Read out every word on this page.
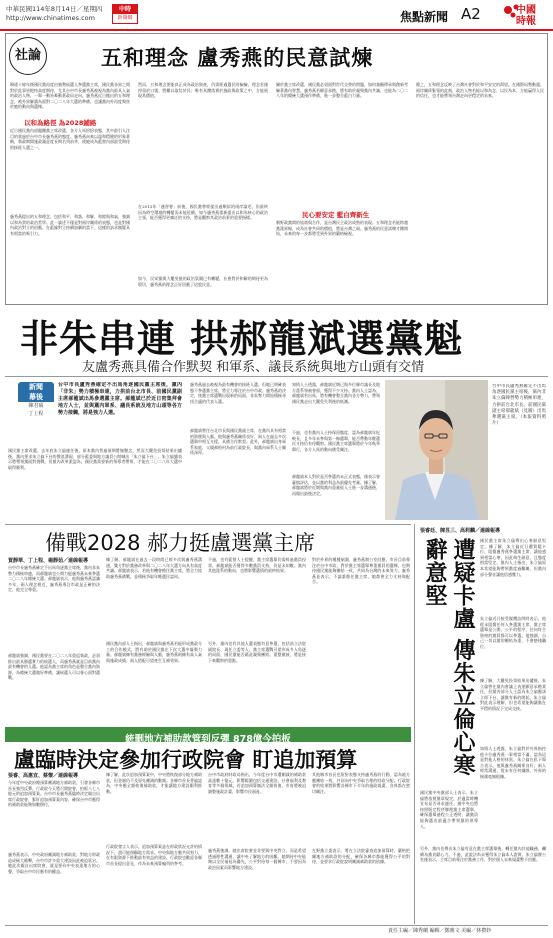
中華民國114年8月14日／星期四
http://www.chinatimes.com
中時
新聞網	焦點新聞 A2	中國時報
社論	五和理念 盧秀燕的民意試煉
睽違十餘年後國民黨再度由強勢候選人參選黨主席，國民黨各界之間對於此事皆抱持高度期待，尤其台中市長盧秀燕被視為黨內最具人氣的政治人物，一舉一動皆牽動著政局走向。盧秀燕近日拋出的五和理念，被外界解讀為面對二〇二八年大選的準備，也讓黨內外再度聚焦於她的動向與選擇。
以和為路徑 為2028鋪路
近日國民黨內部醞釀黨主席改選，各方人馬紛紛表態，其中最引人注目的莫過於台中市長盧秀燕的態度。盧秀燕向來以溫和穩健的形象著稱，執政期間施政滿意度長期名列前茅，使她成為藍營內部最受期待的接班人選之一。
盧秀燕提出的五和理念，包括和平、和諧、和解、和睦與和氣，強調以和為貴的政治哲學。此一論述不僅是對兩岸關係的表態，也是對國內政治對立的回應。在藍綠對立持續加劇的當下，這樣的訴求無疑具有相當的吸引力。
然而，五和理念要能真正成為政治資產，仍需經過選民的檢驗。理念若僅停留於口號，將難以取信於民；唯有具體落實於施政與政策之中，方能展現其價值。
在2013年「連習會」前後，國民黨曾經提出過類似的兩岸論述，但最終因為時空環境的轉變而未能延續。如今盧秀燕重新提出以和為核心的政治主張，能否獲得更廣泛的支持，將是觀察其政治前景的重要指標。
如今，民眾黨與大罷免後的政治氛圍已有轉變，社會對於和解的期待更為殷切，盧秀燕的理念正好回應了這股民意。
關於黨主席改選，國民黨必須面對世代交替的問題，如何兼顧傳承與創新考驗著黨內智慧。盧秀燕若願意承擔，將有助於凝聚黨內共識，也能為二〇二八年的總統大選預作準備，進一步整合藍白力量。
民心要安定 藍白齊新生
朝野政黨間的協商與合作，是台灣民主政治成熟的表現。五和理念若能跨越黨派界線，成為社會共同的價值，將是台灣之福。盧秀燕的民意試煉才剛開始，未來的每一步都將受到外界的嚴格檢視。
總之，五和理念反映了台灣社會對於和平安定的渴望。在國際局勢動盪、兩岸關係緊張的此刻，政治人物若能以和為念、以民為本，方能贏得人民的信任，也才能帶領台灣走向更穩定的未來。
非朱串連 拱郝龍斌選黨魁
友盧秀燕具備合作默契 和軍系、議長系統與地方山頭有交情
新聞
幕後
陳君碩
丁上程
台中市長盧秀燕確定不出馬角逐國民黨主席後，黨內「非朱」勢力積極串連，力拱前台北市長、前國民黨副主席郝龍斌出馬參選黨主席。郝龍斌已於近日密集拜會地方人士，並與黨內軍系、議長系統及地方山頭等各方勢力接觸，將是強力人選。
國民黨主席改選，去年底朱立倫連任後，原本黨內普遍預期將無懸念，然而大罷免投票結果出爐後，黨內要求朱立倫下台的聲浪湧現，部分藍委與地方議員公開喊出「朱立倫下台」。朱立倫雖表示將帶領黨面對挑戰，但黨內改革派認為，國民黨需要新的領導者帶領，才能在二〇二八年大選中取得勝利。
盧秀燕過去被視為最有機會的接班人選，但她已明確表態不參選黨主席，將全力專注於台中市政。盧秀燕的決定，使黨主席選戰出現新的局面，非朱勢力開始積極尋找合適的代表人選。
郝龍斌曾任台北市長與國民黨副主席，在黨內具有相當的資歷與人脈。他與盧秀燕關係良好，兩人在過去多次選舉中相互支援，具備合作默契。此外，郝龍斌出身軍系家庭，父親郝柏村為前行政院長，與黨內軍系人士關係深厚。
知情人士透露，郝龍斌近期已與多位縣市議長及地方派系領袖會面，獲得不少支持。黨內人士認為，郝龍斌若出馬，將有機會整合黨內各方勢力，帶領國民黨走出大罷免失利後的低潮。
不過，也有黨內人士持保留態度，認為郝龍斌年紀較長，且多年未參與第一線選舉，能否帶動年輕選民支持仍有待觀察。國民黨主席選舉將於今年秋季舉行，各方人馬的動向備受關注。
郝龍斌本人對於是否參選尚未正式表態，僅表示會審慎評估，並以黨的利益為最優先考量。據了解，郝龍斌將於近期與黨內重量級人士進一步溝通後，再做出最後決定。
台中市長盧秀燕確定不出馬角逐國民黨主席後，黨內非朱立倫陣營勢力積極串連，力拱前台北市長、前國民黨副主席郝龍斌（見圖）出馬參選黨主席。（本報資料照片）
備戰2028 郝力挺盧選黨主席
賀靜華、丁上程、楊靜茹／連線報導
台中市長盧秀燕確定不出馬角逐黨主席後，黨內非朱勢力積極串連，而郝龍斌也公開力挺盧秀燕未來參選二〇二八年總統大選。郝龍斌表示，他與盧秀燕認識多年，兩人理念相近，盧秀燕專注市政是正確的決定，他完全尊重。
郝龍斌強調，國民黨要在二〇二八年重返執政，必須推出最具勝選實力的候選人，而盧秀燕就是目前黨內最有機會的人選。他認為黨主席的角色是整合黨內資源，為總統大選做好準備，讓候選人可以專心面對選戰。
據了解，郝龍斌在過去一段時間已經多次與盧秀燕溝通，雙方對於黨務改革與二〇二八年大選方向具有高度共識。郝龍斌表示，若他有機會擔任黨主席，將全力協助盧秀燕備戰，並積極爭取年輕選民認同。
國民黨內部人士指出，郝龍斌與盧秀燕若能形成黨政分工的合作模式，將有助於國民黨在下次大選中凝聚力量。郝龍斌擁有黨務經驗與人脈，盧秀燕則擁有高人氣與施政成績，兩人搭配可望產生互補效果。
不過，也有藍營人士提醒，黨主席選舉仍需經過黨員投票，郝龍斌能否獲得多數黨員支持，仍是未知數。黨內其他派系的動向，也將影響選情的最終結果。
對於外界的種種揣測，盧秀燕辦公室回應，市長目前專注於台中市政，對於黨主席選舉尊重黨員的選擇，也期待國民黨能夠團結一致，共同為台灣的未來努力。盧秀燕並表示，不論誰擔任黨主席，她都會全力支持與配合。
另外，黨內也有其他人選表態有意參選，包括前立法院副院長、現任立委等人。黨主席選戰可望形成多人角逐的局面，國民黨能否藉此凝聚團結、重整旗鼓，將是接下來觀察的重點。
張睿廷、陳昱三、高莉麟／連線報導
遭疑卡盧 傳朱立倫心寒辭意堅	國民黨主席朱立倫傳出心寒辭意堅定。據了解，朱立倫近日遭質疑卡位、阻擋盧秀燕參選黨主席，讓他感到相當心寒，因此萌生辭意，且態度相當堅定。黨內人士指出，朱立倫原本希望能夠帶領黨度過難關，但黨內部分聲音讓他倍感壓力。
朱立倫近日接受媒體訪問時表示，他從未阻擋任何人參選黨主席，黨主席選舉是公開、公平的程序，任何符合資格的黨員都可以參選。他強調，自己一切以黨的團結為重，不會戀棧職位。
據了解，大罷免投票結果出爐後，朱立倫曾在黨內會議上表達願意承擔責任，但黨內部分人士認為朱立倫應該立即下台，讓黨有新的開始。朱立倫對此表示理解，但也希望能夠讓黨在平穩的情況下完成交接。
知情人士透露，朱立倫對於外界指控他卡位盧秀燕一事相當不滿，認為這是對他人格的抹黑。朱立倫在私下場合表示，他與盧秀燕關係良好，兩人經常溝通，從未有任何嫌隙，外界的揣測毫無根據。
國民黨中央黨部人士表示，朱立倫將依照黨章規定，於適當時機宣布是否尋求連任。黨中央也將按照既定程序辦理黨主席選舉，確保選舉過程公正透明，讓黨員能夠選出最適合帶領黨的領導人。
另外，黨內也傳出朱立倫有意在黨主席選舉後，轉任黨內其他職務，繼續為黨貢獻心力。不過，此說法尚未獲得朱立倫本人證實。朱立倫辦公室僅表示，主席目前專注於黨務工作，對於個人未來規畫暫不回應。
統刪地方補助款管到反彈 878億今拍板
盧臨時決定參加行政院會 盯追加預算
張睿、高惠宜、蔡懷／連線報導
今年度中央政府總預算刪減地方補助款，引發各縣市首長強烈反彈。行政院今天將召開院會，拍板八七八億元的追加預算案。台中市長盧秀燕臨時決定親自出席行政院會，緊盯追加預算案內容，確保台中市應得的補助款能夠如數撥付。
盧秀燕表示，中央政府刪減地方補助款，對地方財政造成極大衝擊，台中市許多重大建設因此被迫延宕。她此次親自出席院會，就是要向中央表達地方的心聲，爭取台中市民應有的權益。
據了解，此次追加預算案中，中央將恢復部分地方補助款，但金額仍不及原先刪減的數額。各縣市首長普遍認為，中央應全額恢復補助款，才能讓地方建設順利推動。
行政院發言人表示，追加預算案是在財政狀況允許的情況下，盡可能照顧地方需求。中央與地方應共同努力，在有限資源下推動最有效益的建設。行政院也歡迎各縣市首長提出意見，作為未來預算編列的參考。
台中市政府財政局指出，今年度台中市遭刪減的補助款高達數十億元，影響範圍包括交通建設、社會福利及教育等多個領域。若追加預算無法全額恢復，市府將被迫調整施政計畫，影響市民福祉。
盧秀燕強調，她出席院會並非要與中央對立，而是希望透過理性溝通，讓中央了解地方的困難。她期待中央能夠以全民福祉為優先，公平對待每一個縣市，不要因為政治因素而影響地方建設。
其他縣市首長也紛紛表態支持盧秀燕的行動，認為地方應團結一致，共同向中央爭取合理的財政分配。行政院會的結果將影響各縣市下半年的施政規畫，各界都在密切關注。
在野黨立委表示，將在立法院審查追加預算時，嚴格把關地方補助款的分配，確保各縣市都能獲得公平的對待，並要求行政院說明刪減補助款的依據。
責任主編／陳秀蘭 編輯／鄭雅文 美編／林禮妙
